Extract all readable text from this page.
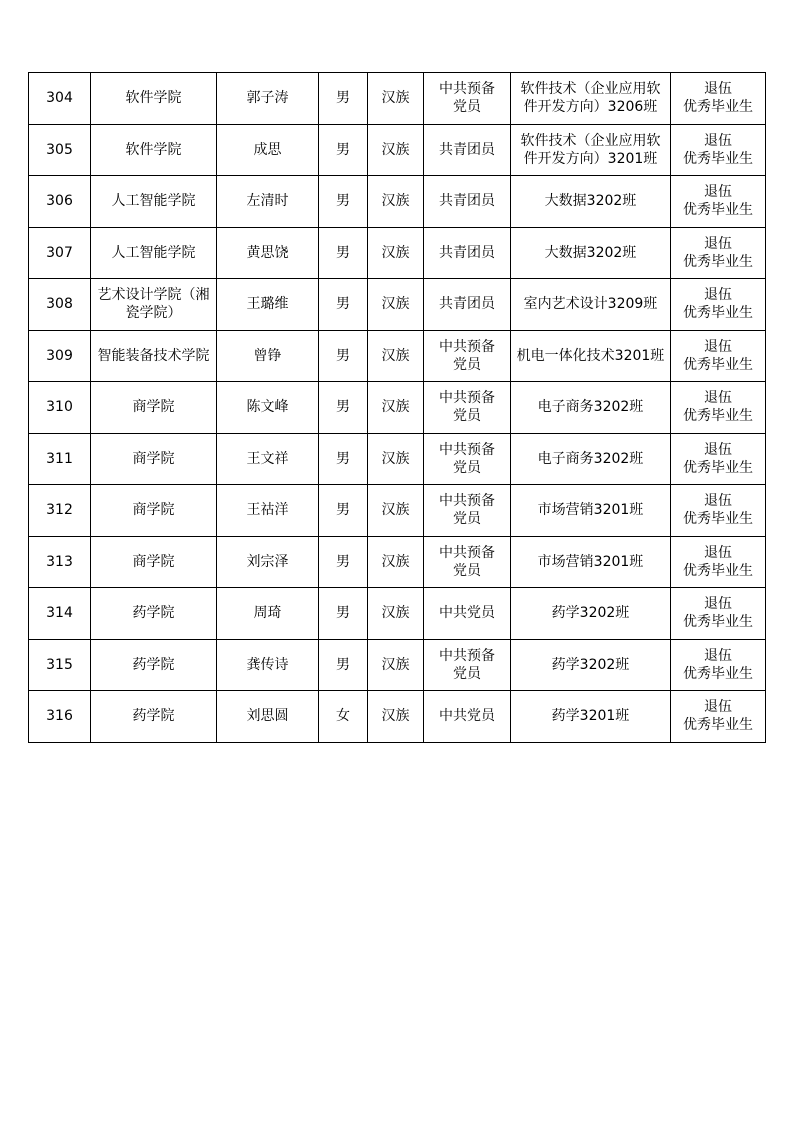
304	软件学院	郭子涛	男	汉族	中共预备
党员	软件技术（企业应用软
件开发方向）3206班	退伍
优秀毕业生
305	软件学院	成思	男	汉族	共青团员	软件技术（企业应用软
件开发方向）3201班	退伍
优秀毕业生
306	人工智能学院	左清时	男	汉族	共青团员	大数据3202班	退伍
优秀毕业生
307	人工智能学院	黄思饶	男	汉族	共青团员	大数据3202班	退伍
优秀毕业生
308	艺术设计学院（湘
瓷学院）	王璐维	男	汉族	共青团员	室内艺术设计3209班	退伍
优秀毕业生
309	智能装备技术学院	曾铮	男	汉族	中共预备
党员	机电一体化技术3201班	退伍
优秀毕业生
310	商学院	陈文峰	男	汉族	中共预备
党员	电子商务3202班	退伍
优秀毕业生
311	商学院	王文祥	男	汉族	中共预备
党员	电子商务3202班	退伍
优秀毕业生
312	商学院	王祜洋	男	汉族	中共预备
党员	市场营销3201班	退伍
优秀毕业生
313	商学院	刘宗泽	男	汉族	中共预备
党员	市场营销3201班	退伍
优秀毕业生
314	药学院	周琦	男	汉族	中共党员	药学3202班	退伍
优秀毕业生
315	药学院	龚传诗	男	汉族	中共预备
党员	药学3202班	退伍
优秀毕业生
316	药学院	刘思圆	女	汉族	中共党员	药学3201班	退伍
优秀毕业生
